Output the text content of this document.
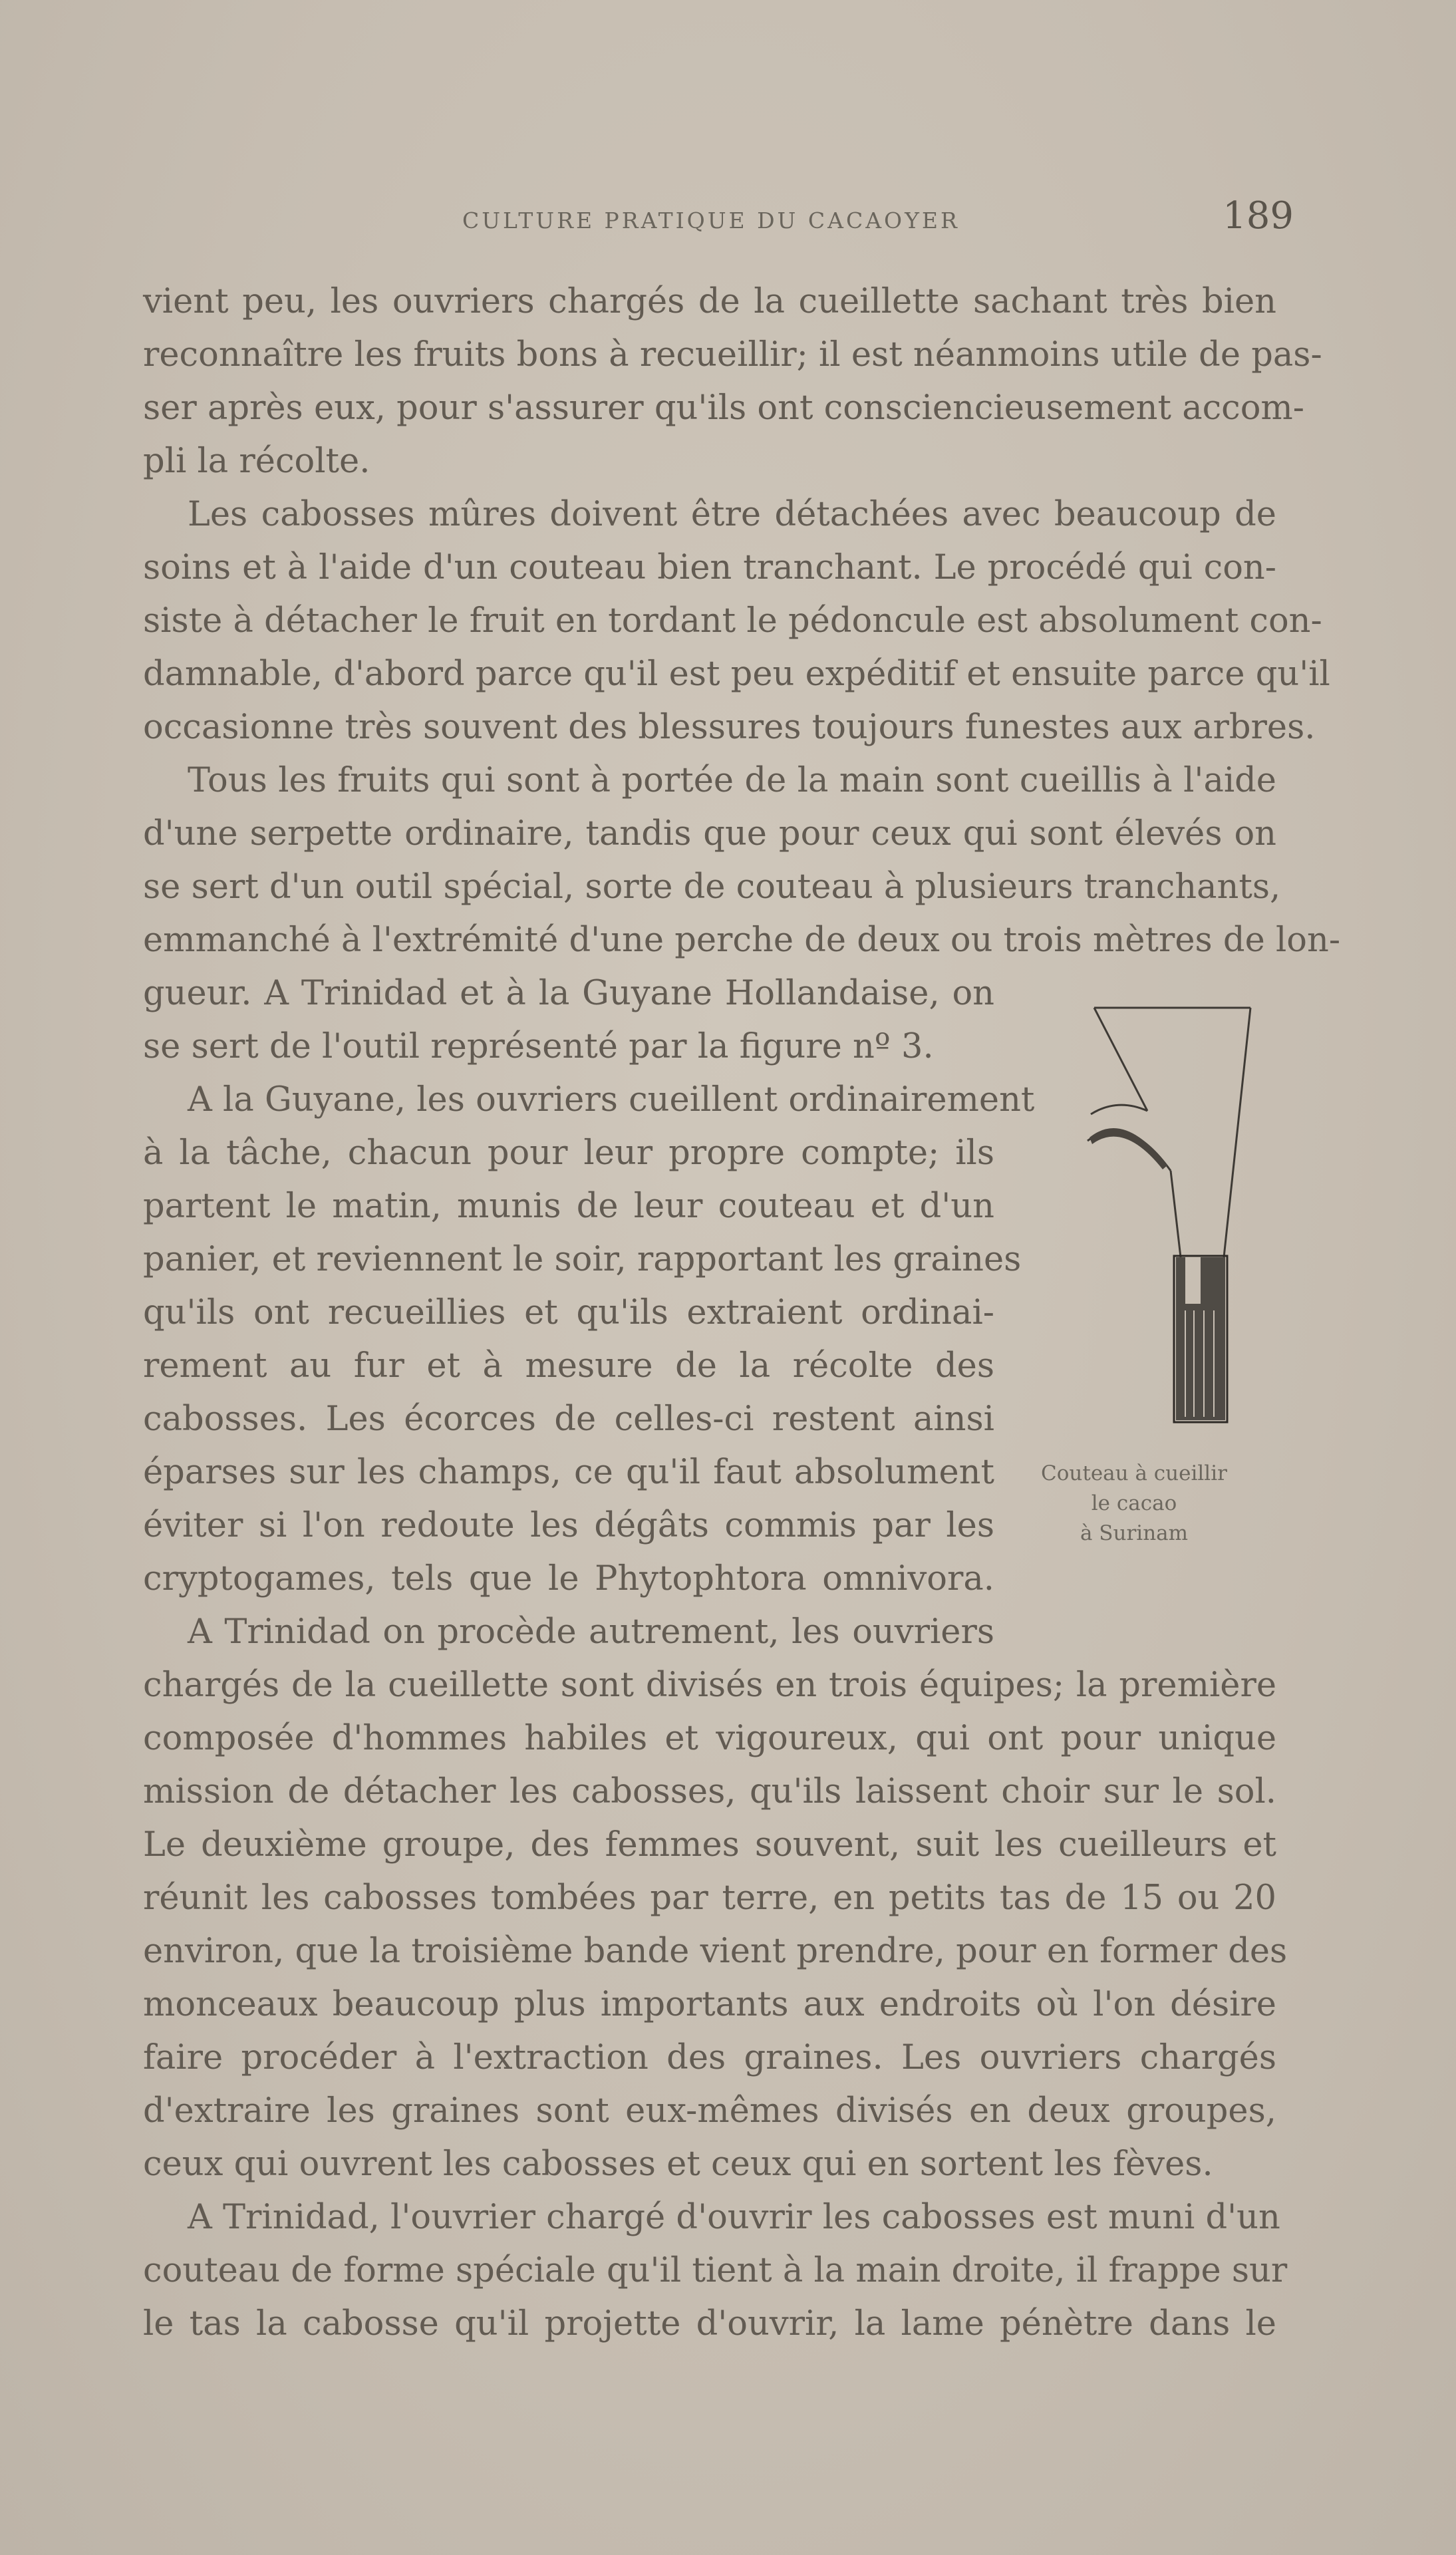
CULTURE PRATIQUE DU CACAOYER	189
vient peu, les ouvriers chargés de la cueillette sachant très bien
reconnaître les fruits bons à recueillir; il est néanmoins utile de pas-
ser après eux, pour s'assurer qu'ils ont consciencieusement accom-
pli la récolte.
Les cabosses mûres doivent être détachées avec beaucoup de
soins et à l'aide d'un couteau bien tranchant. Le procédé qui con-
siste à détacher le fruit en tordant le pédoncule est absolument con-
damnable, d'abord parce qu'il est peu expéditif et ensuite parce qu'il
occasionne très souvent des blessures toujours funestes aux arbres.
Tous les fruits qui sont à portée de la main sont cueillis à l'aide
d'une serpette ordinaire, tandis que pour ceux qui sont élevés on
se sert d'un outil spécial, sorte de couteau à plusieurs tranchants,
emmanché à l'extrémité d'une perche de deux ou trois mètres de lon-
gueur. A Trinidad et à la Guyane Hollandaise, on
se sert de l'outil représenté par la figure nº 3.
A la Guyane, les ouvriers cueillent ordinairement
à la tâche, chacun pour leur propre compte; ils
partent le matin, munis de leur couteau et d'un
panier, et reviennent le soir, rapportant les graines
qu'ils ont recueillies et qu'ils extraient ordinai-
rement au fur et à mesure de la récolte des
cabosses. Les écorces de celles-ci restent ainsi
éparses sur les champs, ce qu'il faut absolument
éviter si l'on redoute les dégâts commis par les
cryptogames, tels que le Phytophtora omnivora.
A Trinidad on procède autrement, les ouvriers
chargés de la cueillette sont divisés en trois équipes; la première
composée d'hommes habiles et vigoureux, qui ont pour unique
mission de détacher les cabosses, qu'ils laissent choir sur le sol.
Le deuxième groupe, des femmes souvent, suit les cueilleurs et
réunit les cabosses tombées par terre, en petits tas de 15 ou 20
environ, que la troisième bande vient prendre, pour en former des
monceaux beaucoup plus importants aux endroits où l'on désire
faire procéder à l'extraction des graines. Les ouvriers chargés
d'extraire les graines sont eux-mêmes divisés en deux groupes,
ceux qui ouvrent les cabosses et ceux qui en sortent les fèves.
A Trinidad, l'ouvrier chargé d'ouvrir les cabosses est muni d'un
couteau de forme spéciale qu'il tient à la main droite, il frappe sur
le tas la cabosse qu'il projette d'ouvrir, la lame pénètre dans le
Couteau à cueillir
le cacao
à Surinam
